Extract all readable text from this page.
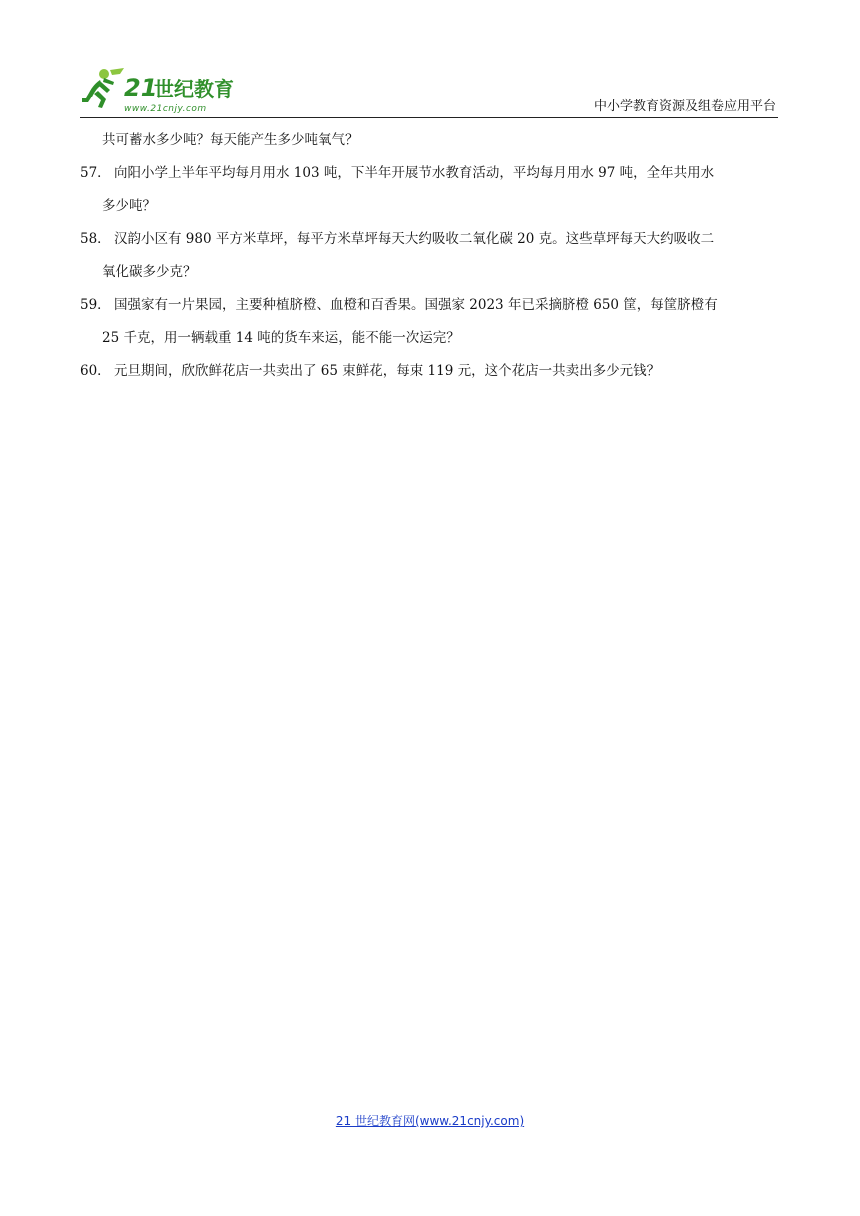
21
世纪教育
www.21cnjy.com	中小学教育资源及组卷应用平台
共可蓄水多少吨？每天能产生多少吨氧气？
57． 向阳小学上半年平均每月用水 103 吨，下半年开展节水教育活动，平均每月用水 97 吨，全年共用水
多少吨？
58． 汉韵小区有 980 平方米草坪，每平方米草坪每天大约吸收二氧化碳 20 克。这些草坪每天大约吸收二
氧化碳多少克？
59． 国强家有一片果园，主要种植脐橙、血橙和百香果。国强家 2023 年已采摘脐橙 650 筐，每筐脐橙有
25 千克，用一辆载重 14 吨的货车来运，能不能一次运完？
60． 元旦期间，欣欣鲜花店一共卖出了 65 束鲜花，每束 119 元，这个花店一共卖出多少元钱？
21 世纪教育网(www.21cnjy.com)
